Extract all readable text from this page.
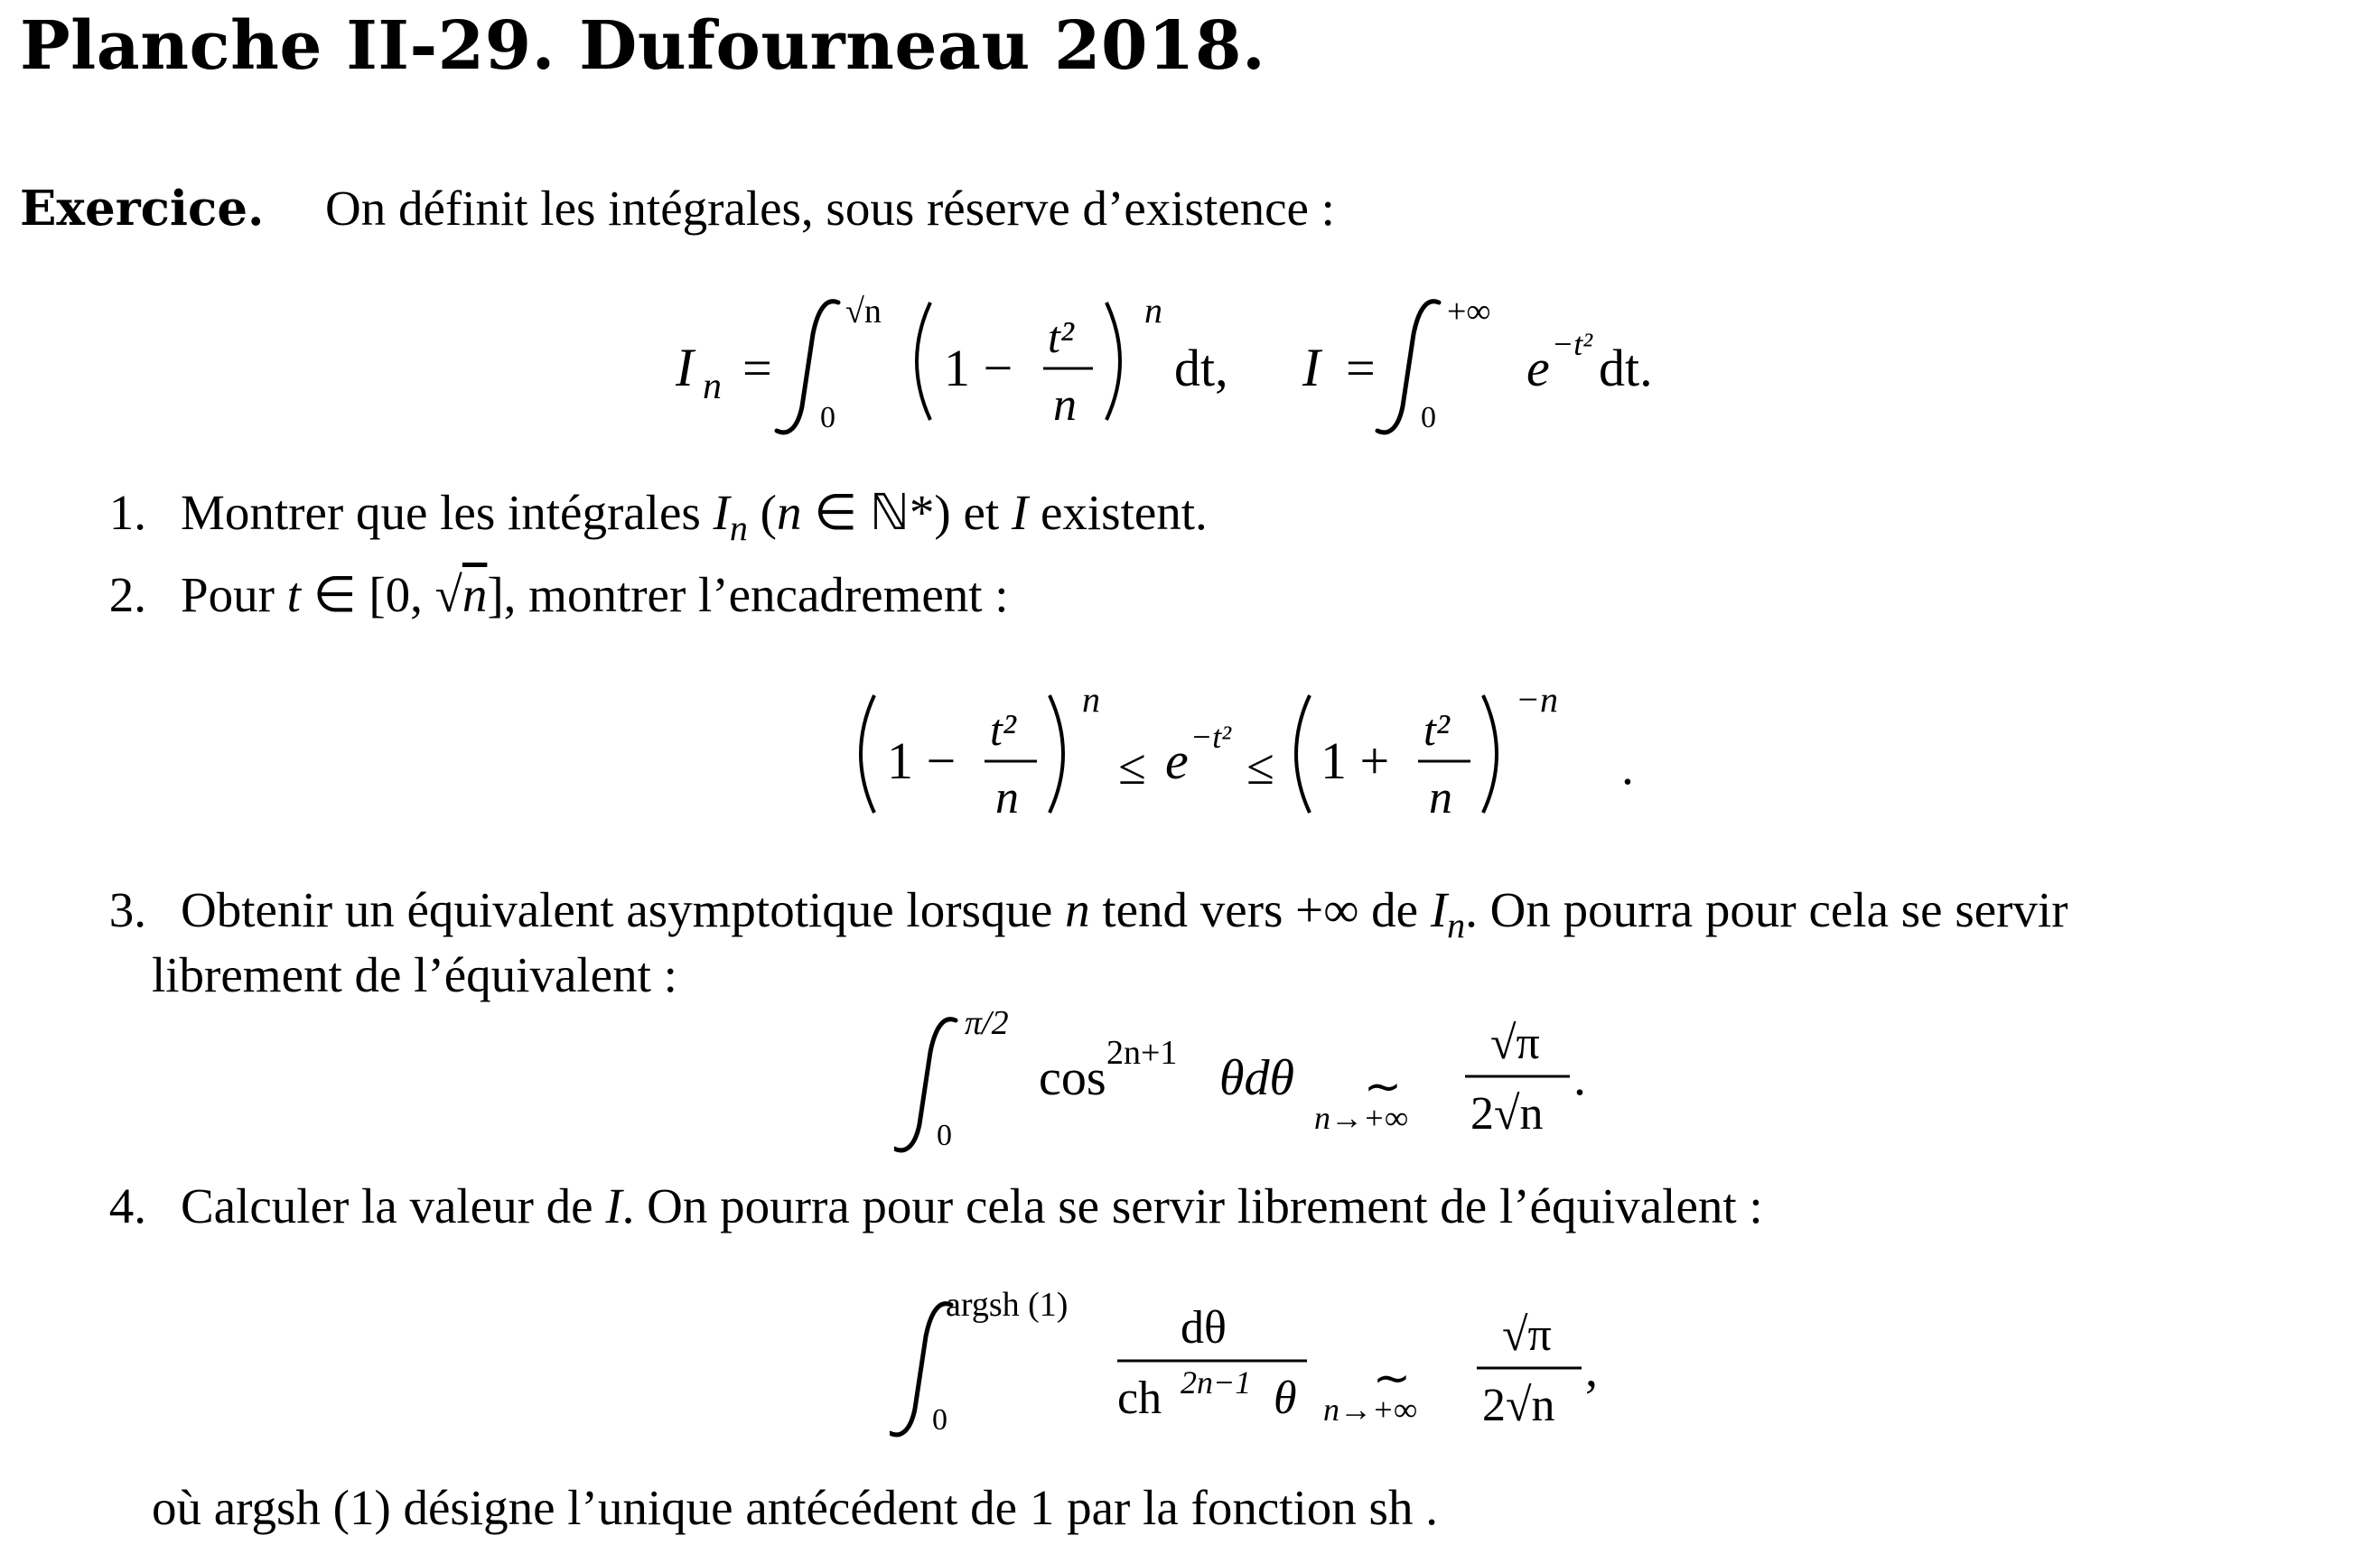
Planche II-29. Dufourneau 2018.
Exercice. On définit les intégrales, sous réserve d’existence :
I n =
0
√n
1 −
t²
n
n
dt, I =
0
+∞
e −t² dt.
1. Montrer que les intégrales $I_n$ (n ∈ ℕ*) et I existent.
2. Pour t ∈ [0, √n], montrer l’encadrement :
1 −
t²
n
n
≤ e −t²
≤ 1 +
t²
n
−n
.
3. Obtenir un équivalent asymptotique lorsque n tend vers +∞ de $I_n$. On pourra pour cela se servir
librement de l’équivalent :
0
π/2
cos 2n+1 θdθ ∼
n→+∞
√π
2√n
.
4. Calculer la valeur de I. On pourra pour cela se servir librement de l’équivalent :
0
argsh (1) dθ
ch 2n−1 θ ∼
n→+∞
√π
2√n
,
où argsh (1) désigne l’unique antécédent de 1 par la fonction sh .
